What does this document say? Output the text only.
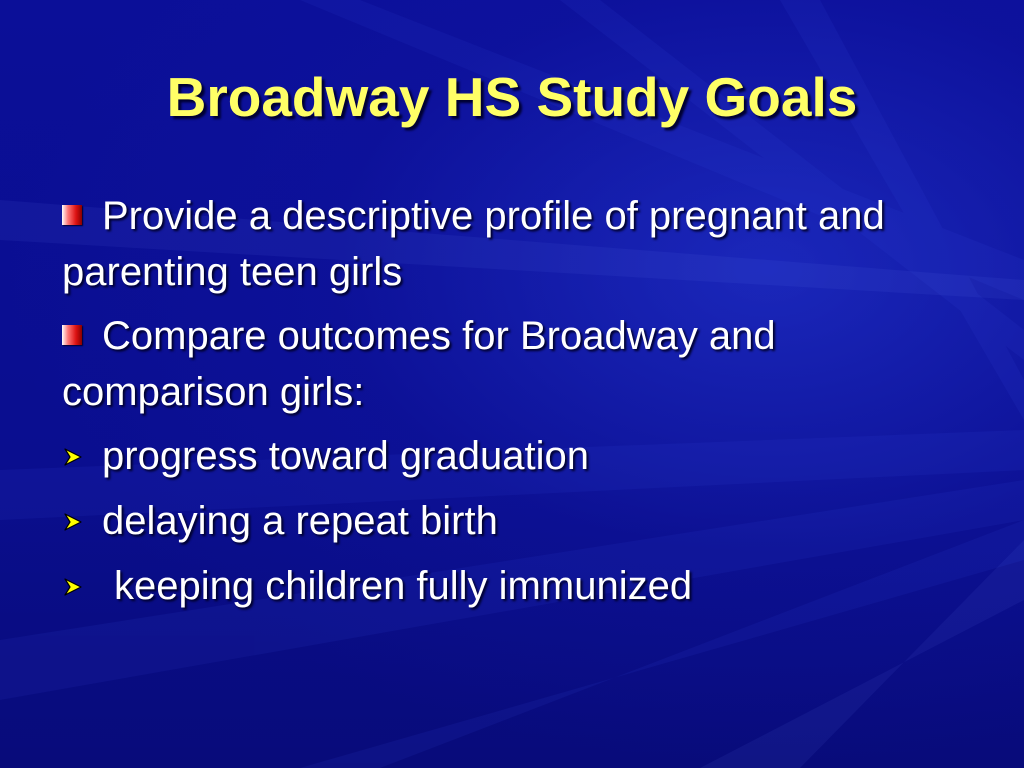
Broadway HS Study Goals

Provide a descriptive profile of pregnant and parenting teen girls

Compare outcomes for Broadway and comparison girls:

progress toward graduation

delaying a repeat birth

keeping children fully immunized
